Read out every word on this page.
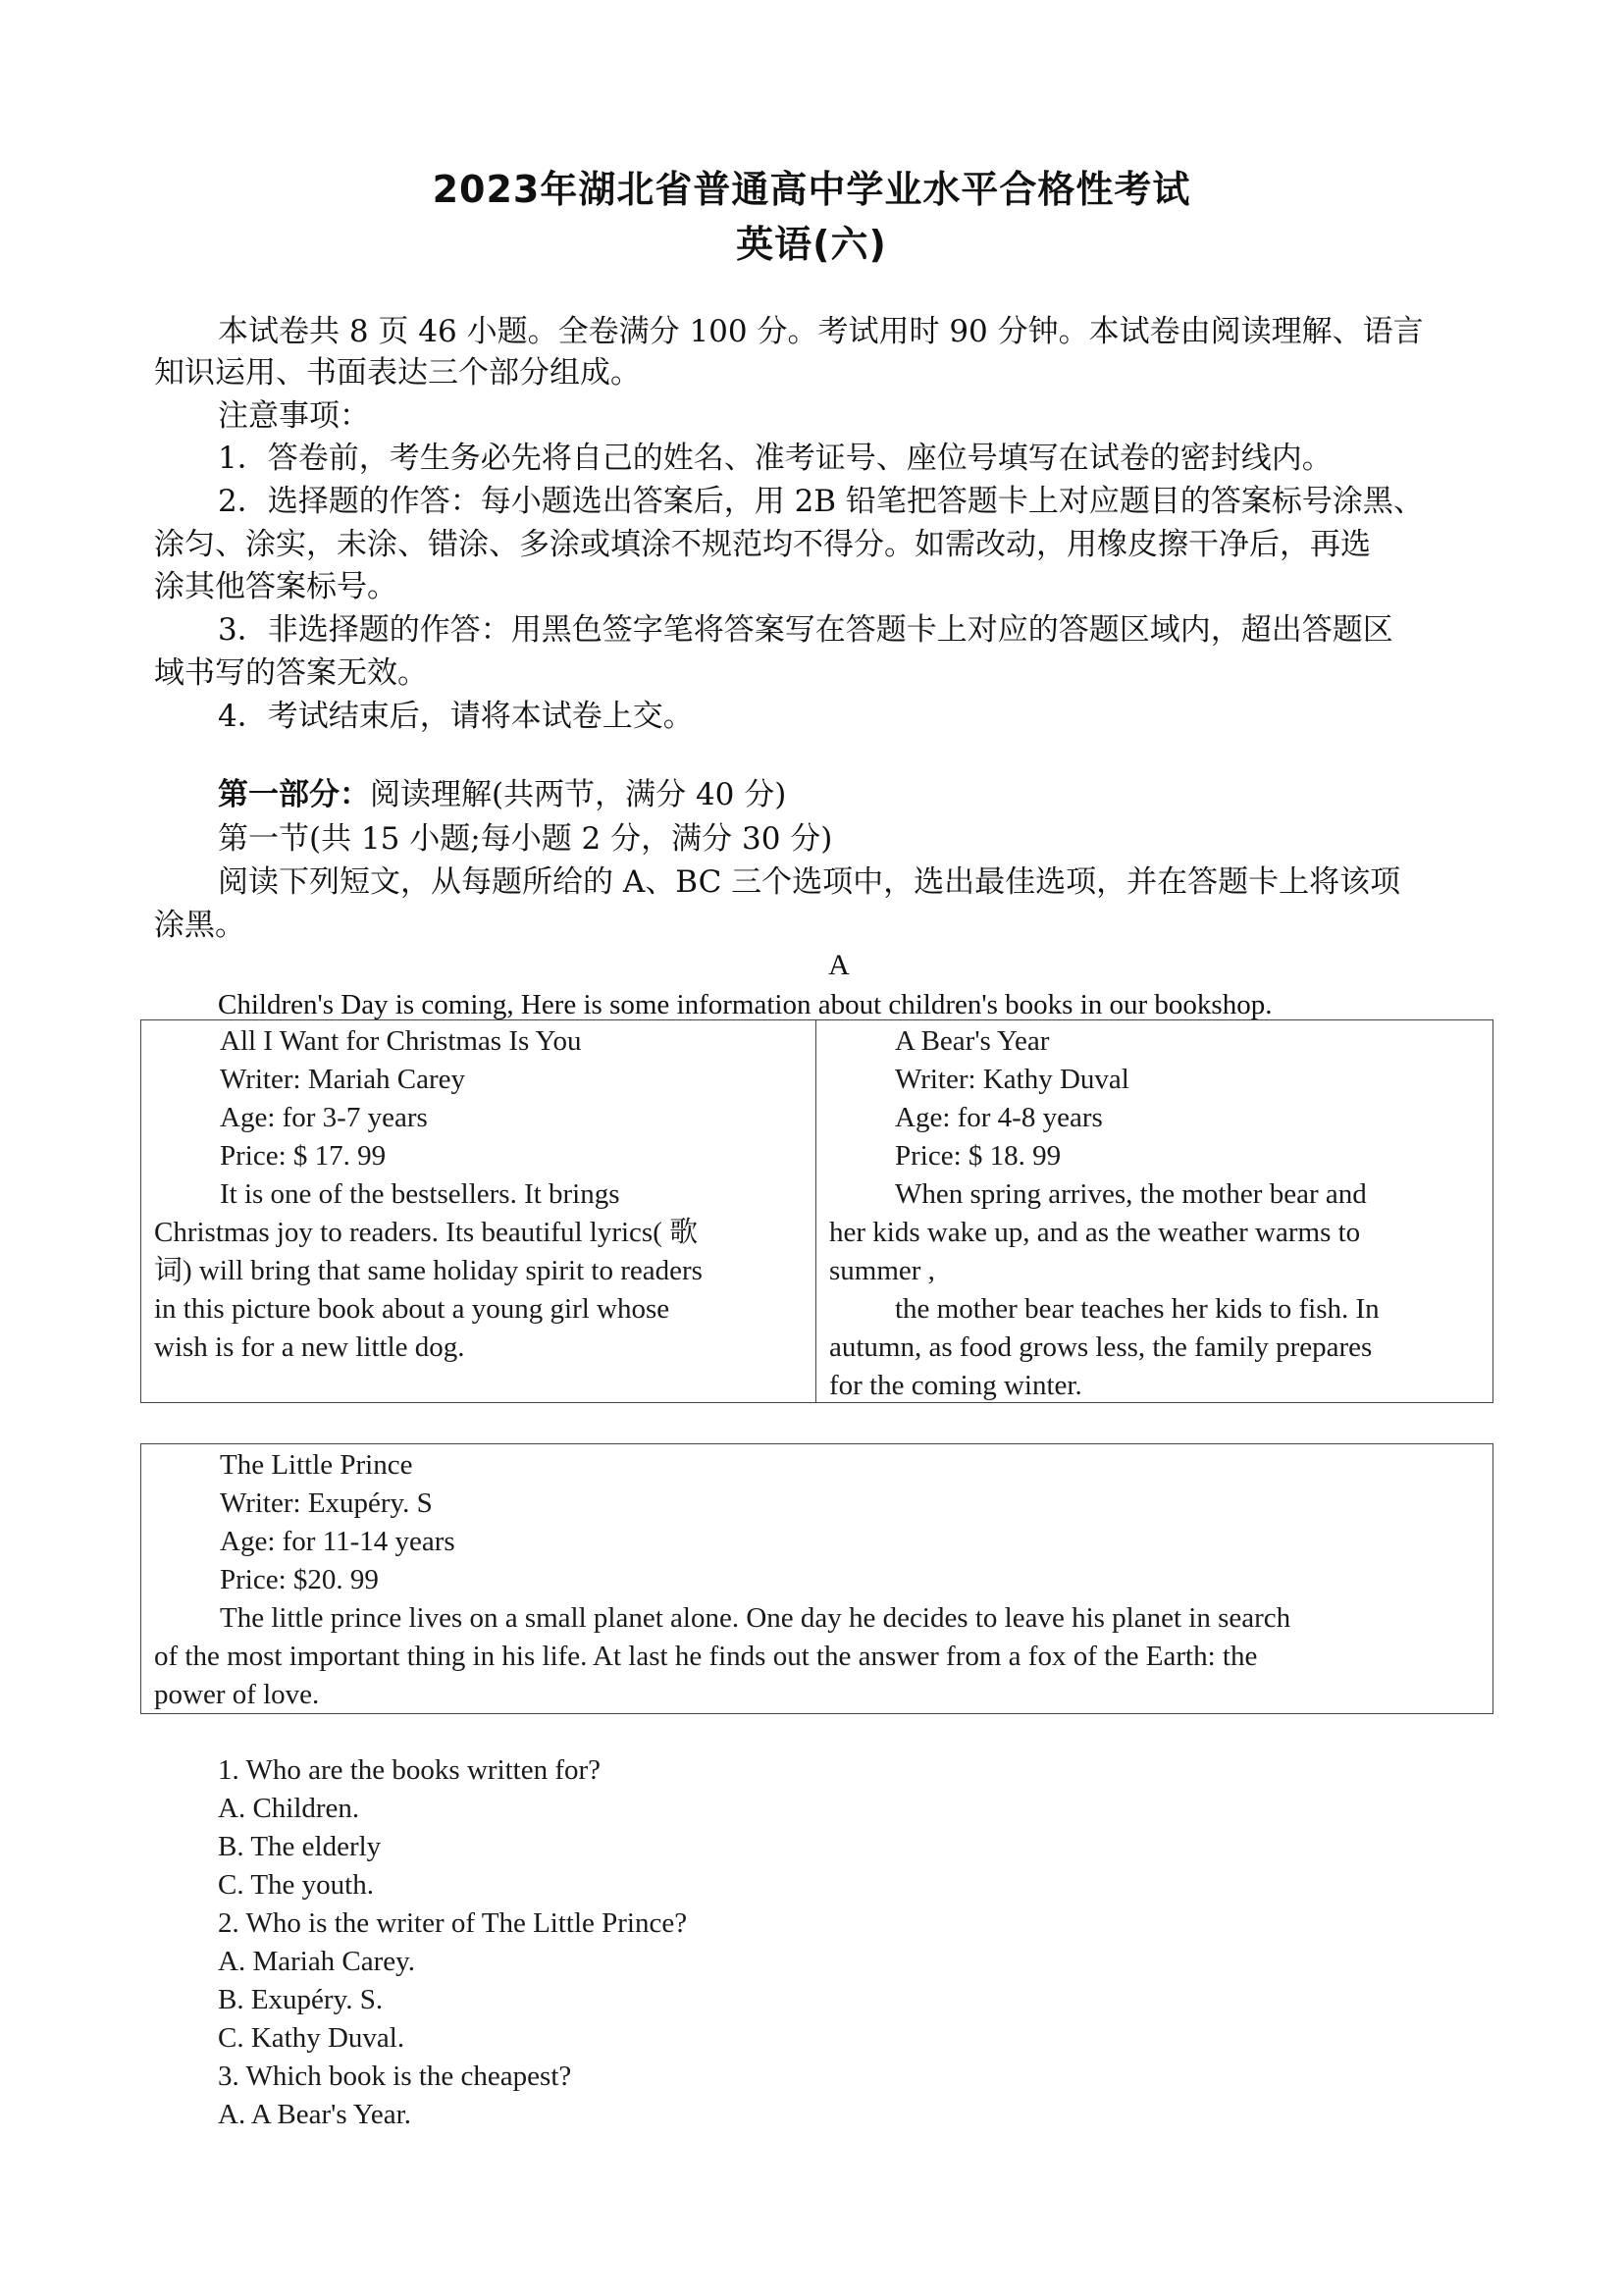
2023年湖北省普通高中学业水平合格性考试
英语(六)
本试卷共 8 页 46 小题。全卷满分 100 分。考试用时 90 分钟。本试卷由阅读理解、语言
知识运用、书面表达三个部分组成。
注意事项：
1．答卷前，考生务必先将自己的姓名、准考证号、座位号填写在试卷的密封线内。
2．选择题的作答：每小题选出答案后，用 2B 铅笔把答题卡上对应题目的答案标号涂黑、
涂匀、涂实，未涂、错涂、多涂或填涂不规范均不得分。如需改动，用橡皮擦干净后，再选
涂其他答案标号。
3．非选择题的作答：用黑色签字笔将答案写在答题卡上对应的答题区域内，超出答题区
域书写的答案无效。
4．考试结束后，请将本试卷上交。
第一部分：阅读理解(共两节，满分 40 分)
第一节(共 15 小题;每小题 2 分，满分 30 分)
阅读下列短文，从每题所给的 A、BC 三个选项中，选出最佳选项，并在答题卡上将该项
涂黑。
A
Children's Day is coming, Here is some information about children's books in our bookshop.
All I Want for Christmas Is You
Writer: Mariah Carey
Age: for 3-7 years
Price: $ 17. 99
It is one of the bestsellers. It brings
Christmas joy to readers. Its beautiful lyrics( 歌
词) will bring that same holiday spirit to readers
in this picture book about a young girl whose
wish is for a new little dog.
A Bear's Year
Writer: Kathy Duval
Age: for 4-8 years
Price: $ 18. 99
When spring arrives, the mother bear and
her kids wake up, and as the weather warms to
summer ,
the mother bear teaches her kids to fish. In
autumn, as food grows less, the family prepares
for the coming winter.
The Little Prince
Writer: Exupéry. S
Age: for 11-14 years
Price: $20. 99
The little prince lives on a small planet alone. One day he decides to leave his planet in search
of the most important thing in his life. At last he finds out the answer from a fox of the Earth: the
power of love.
1. Who are the books written for?
A. Children.
B. The elderly
C. The youth.
2. Who is the writer of The Little Prince?
A. Mariah Carey.
B. Exupéry. S.
C. Kathy Duval.
3. Which book is the cheapest?
A. A Bear's Year.
